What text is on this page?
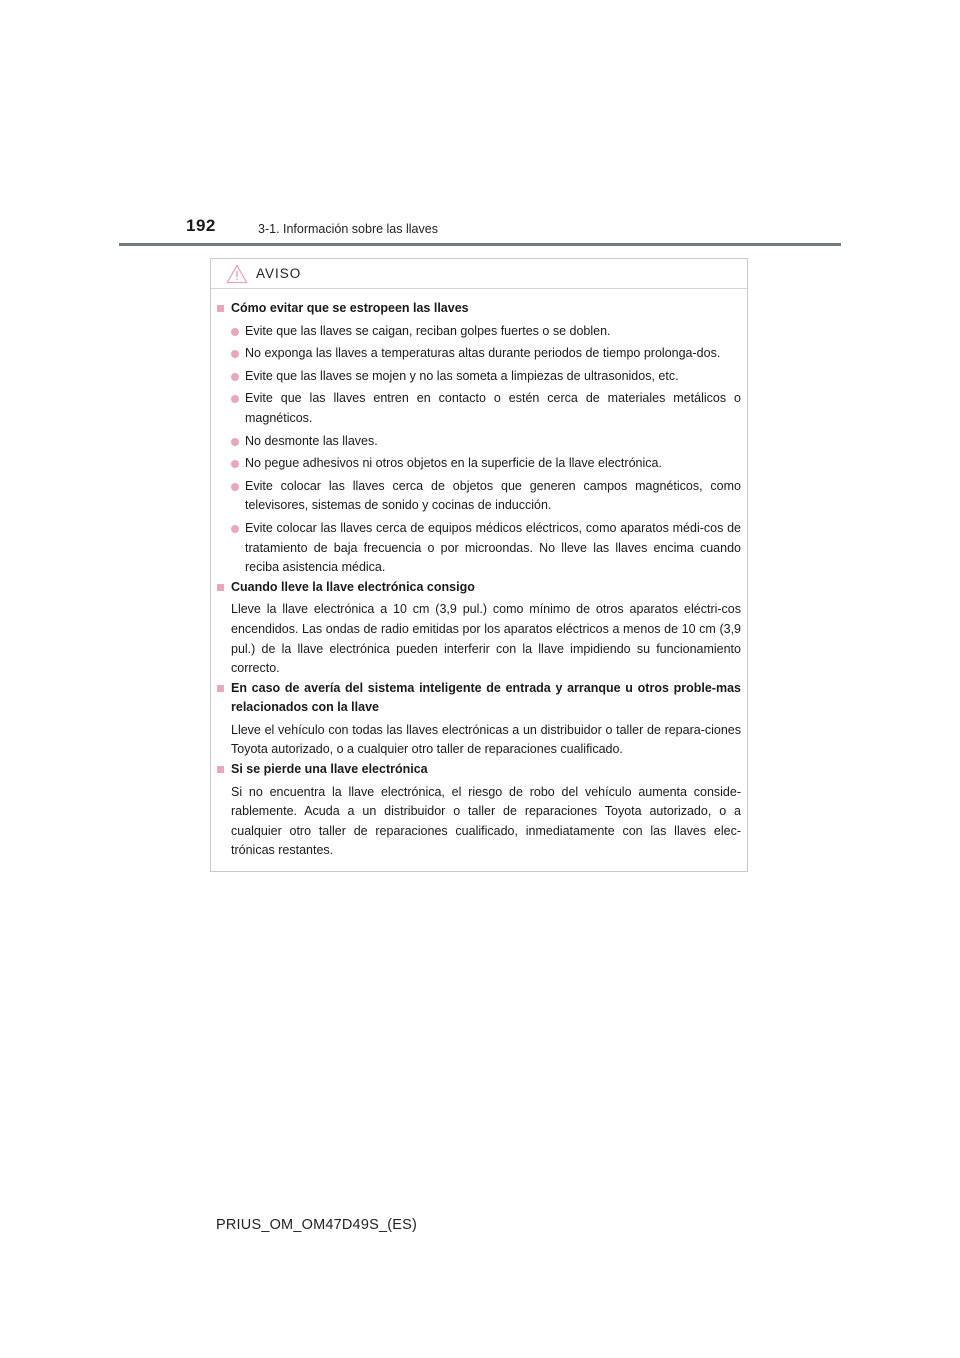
192	3-1. Información sobre las llaves
AVISO
Cómo evitar que se estropeen las llaves
Evite que las llaves se caigan, reciban golpes fuertes o se doblen.
No exponga las llaves a temperaturas altas durante periodos de tiempo prolonga-dos.
Evite que las llaves se mojen y no las someta a limpiezas de ultrasonidos, etc.
Evite que las llaves entren en contacto o estén cerca de materiales metálicos o magnéticos.
No desmonte las llaves.
No pegue adhesivos ni otros objetos en la superficie de la llave electrónica.
Evite colocar las llaves cerca de objetos que generen campos magnéticos, como televisores, sistemas de sonido y cocinas de inducción.
Evite colocar las llaves cerca de equipos médicos eléctricos, como aparatos médi-cos de tratamiento de baja frecuencia o por microondas. No lleve las llaves encima cuando reciba asistencia médica.
Cuando lleve la llave electrónica consigo

Lleve la llave electrónica a 10 cm (3,9 pul.) como mínimo de otros aparatos eléctri-cos encendidos. Las ondas de radio emitidas por los aparatos eléctricos a menos de 10 cm (3,9 pul.) de la llave electrónica pueden interferir con la llave impidiendo su funcionamiento correcto.

En caso de avería del sistema inteligente de entrada y arranque u otros proble-mas relacionados con la llave

Lleve el vehículo con todas las llaves electrónicas a un distribuidor o taller de repara-ciones Toyota autorizado, o a cualquier otro taller de reparaciones cualificado.

Si se pierde una llave electrónica

Si no encuentra la llave electrónica, el riesgo de robo del vehículo aumenta conside-rablemente. Acuda a un distribuidor o taller de reparaciones Toyota autorizado, o a cualquier otro taller de reparaciones cualificado, inmediatamente con las llaves elec-trónicas restantes.

PRIUS_OM_OM47D49S_(ES)
